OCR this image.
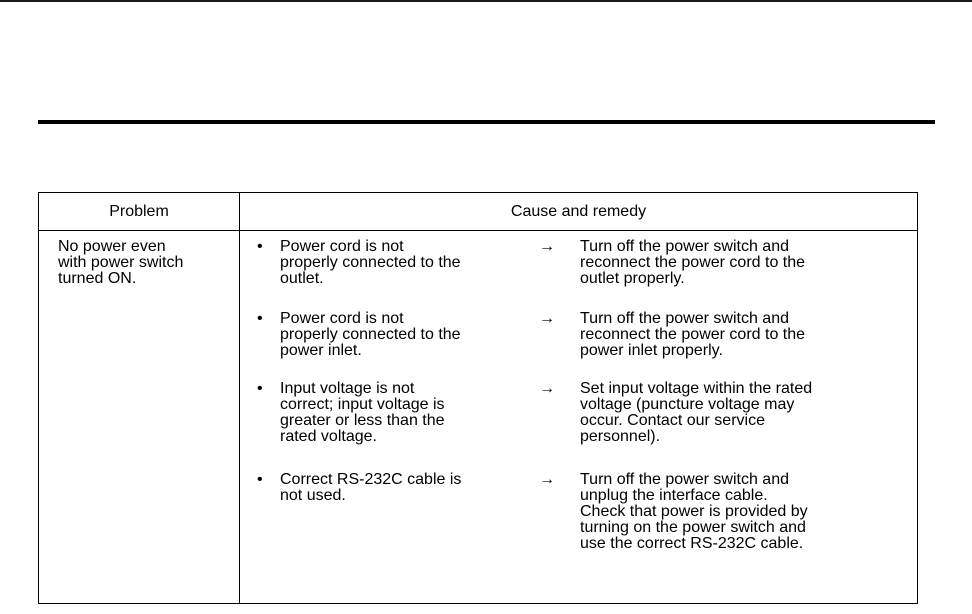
Problem	Cause and remedy
No power even
with power switch
turned ON.
• Power cord is not
properly connected to the
outlet.
→ Turn off the power switch and
reconnect the power cord to the
outlet properly.
• Power cord is not
properly connected to the
power inlet.
→ Turn off the power switch and
reconnect the power cord to the
power inlet properly.
• Input voltage is not
correct; input voltage is
greater or less than the
rated voltage.
→ Set input voltage within the rated
voltage (puncture voltage may
occur. Contact our service
personnel).
• Correct RS-232C cable is
not used.
→ Turn off the power switch and
unplug the interface cable.
Check that power is provided by
turning on the power switch and
use the correct RS-232C cable.
